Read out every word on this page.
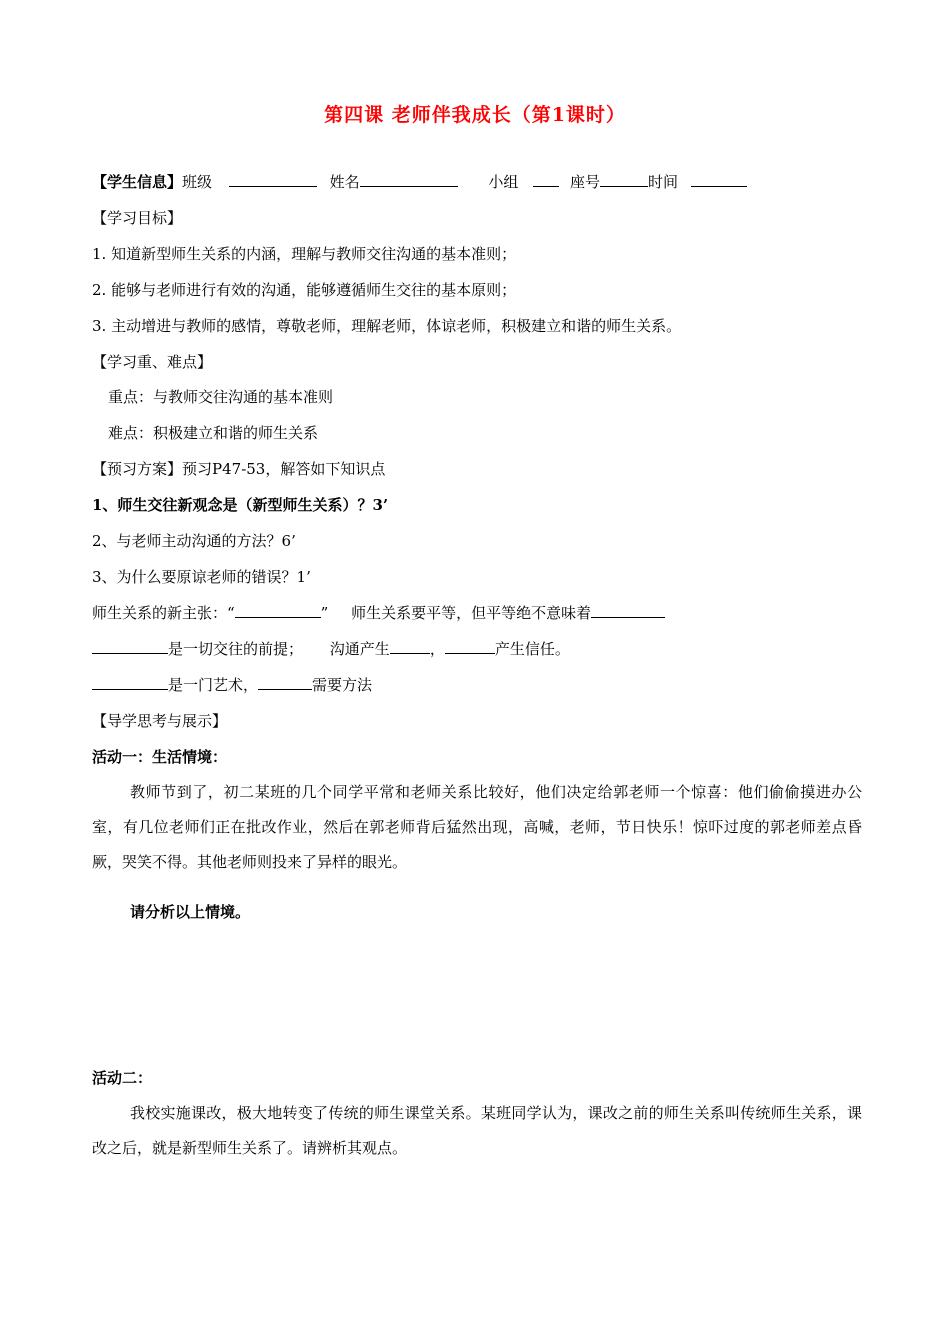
第四课 老师伴我成长（第1课时）
【学生信息】班级	姓名	小组	座号	时间
【学习目标】
1. 知道新型师生关系的内涵，理解与教师交往沟通的基本准则；
2. 能够与老师进行有效的沟通，能够遵循师生交往的基本原则；
3. 主动增进与教师的感情，尊敬老师，理解老师，体谅老师，积极建立和谐的师生关系。
【学习重、难点】
重点：与教师交往沟通的基本准则
难点：积极建立和谐的师生关系
【预习方案】预习P47-53，解答如下知识点
1、师生交往新观念是（新型师生关系）？3’
2、与老师主动沟通的方法？6’
3、为什么要原谅老师的错误？1’
师生关系的新主张：“	” 师生关系要平等，但平等绝不意味着
是一切交往的前提； 沟通产生	，	产生信任。
是一门艺术，	需要方法
【导学思考与展示】
活动一：生活情境：
教师节到了，初二某班的几个同学平常和老师关系比较好，他们决定给郭老师一个惊喜：他们偷偷摸进办公室，有几位老师们正在批改作业，然后在郭老师背后猛然出现，高喊，老师，节日快乐！惊吓过度的郭老师差点昏厥，哭笑不得。其他老师则投来了异样的眼光。
请分析以上情境。
活动二：
我校实施课改，极大地转变了传统的师生课堂关系。某班同学认为，课改之前的师生关系叫传统师生关系，课改之后，就是新型师生关系了。请辨析其观点。
